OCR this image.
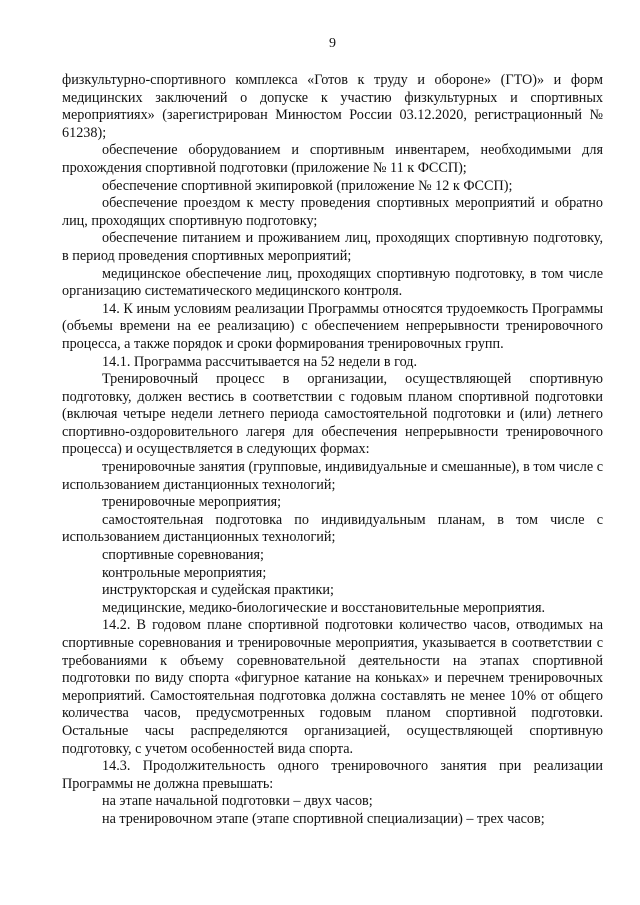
9

физкультурно-спортивного комплекса «Готов к труду и обороне» (ГТО)» и форм медицинских заключений о допуске к участию физкультурных и спортивных мероприятиях» (зарегистрирован Минюстом России 03.12.2020, регистрационный № 61238);

обеспечение оборудованием и спортивным инвентарем, необходимыми для прохождения спортивной подготовки (приложение № 11 к ФССП);

обеспечение спортивной экипировкой (приложение № 12 к ФССП);

обеспечение проездом к месту проведения спортивных мероприятий и обратно лиц, проходящих спортивную подготовку;

обеспечение питанием и проживанием лиц, проходящих спортивную подготовку, в период проведения спортивных мероприятий;

медицинское обеспечение лиц, проходящих спортивную подготовку, в том числе организацию систематического медицинского контроля.

14. К иным условиям реализации Программы относятся трудоемкость Программы (объемы времени на ее реализацию) с обеспечением непрерывности тренировочного процесса, а также порядок и сроки формирования тренировочных групп.

14.1. Программа рассчитывается на 52 недели в год.

Тренировочный процесс в организации, осуществляющей спортивную подготовку, должен вестись в соответствии с годовым планом спортивной подготовки (включая четыре недели летнего периода самостоятельной подготовки и (или) летнего спортивно-оздоровительного лагеря для обеспечения непрерывности тренировочного процесса) и осуществляется в следующих формах:

тренировочные занятия (групповые, индивидуальные и смешанные), в том числе с использованием дистанционных технологий;

тренировочные мероприятия;

самостоятельная подготовка по индивидуальным планам, в том числе с использованием дистанционных технологий;

спортивные соревнования;

контрольные мероприятия;

инструкторская и судейская практики;

медицинские, медико-биологические и восстановительные мероприятия.

14.2. В годовом плане спортивной подготовки количество часов, отводимых на спортивные соревнования и тренировочные мероприятия, указывается в соответствии с требованиями к объему соревновательной деятельности на этапах спортивной подготовки по виду спорта «фигурное катание на коньках» и перечнем тренировочных мероприятий. Самостоятельная подготовка должна составлять не менее 10% от общего количества часов, предусмотренных годовым планом спортивной подготовки. Остальные часы распределяются организацией, осуществляющей спортивную подготовку, с учетом особенностей вида спорта.

14.3. Продолжительность одного тренировочного занятия при реализации Программы не должна превышать:

на этапе начальной подготовки – двух часов;

на тренировочном этапе (этапе спортивной специализации) – трех часов;
